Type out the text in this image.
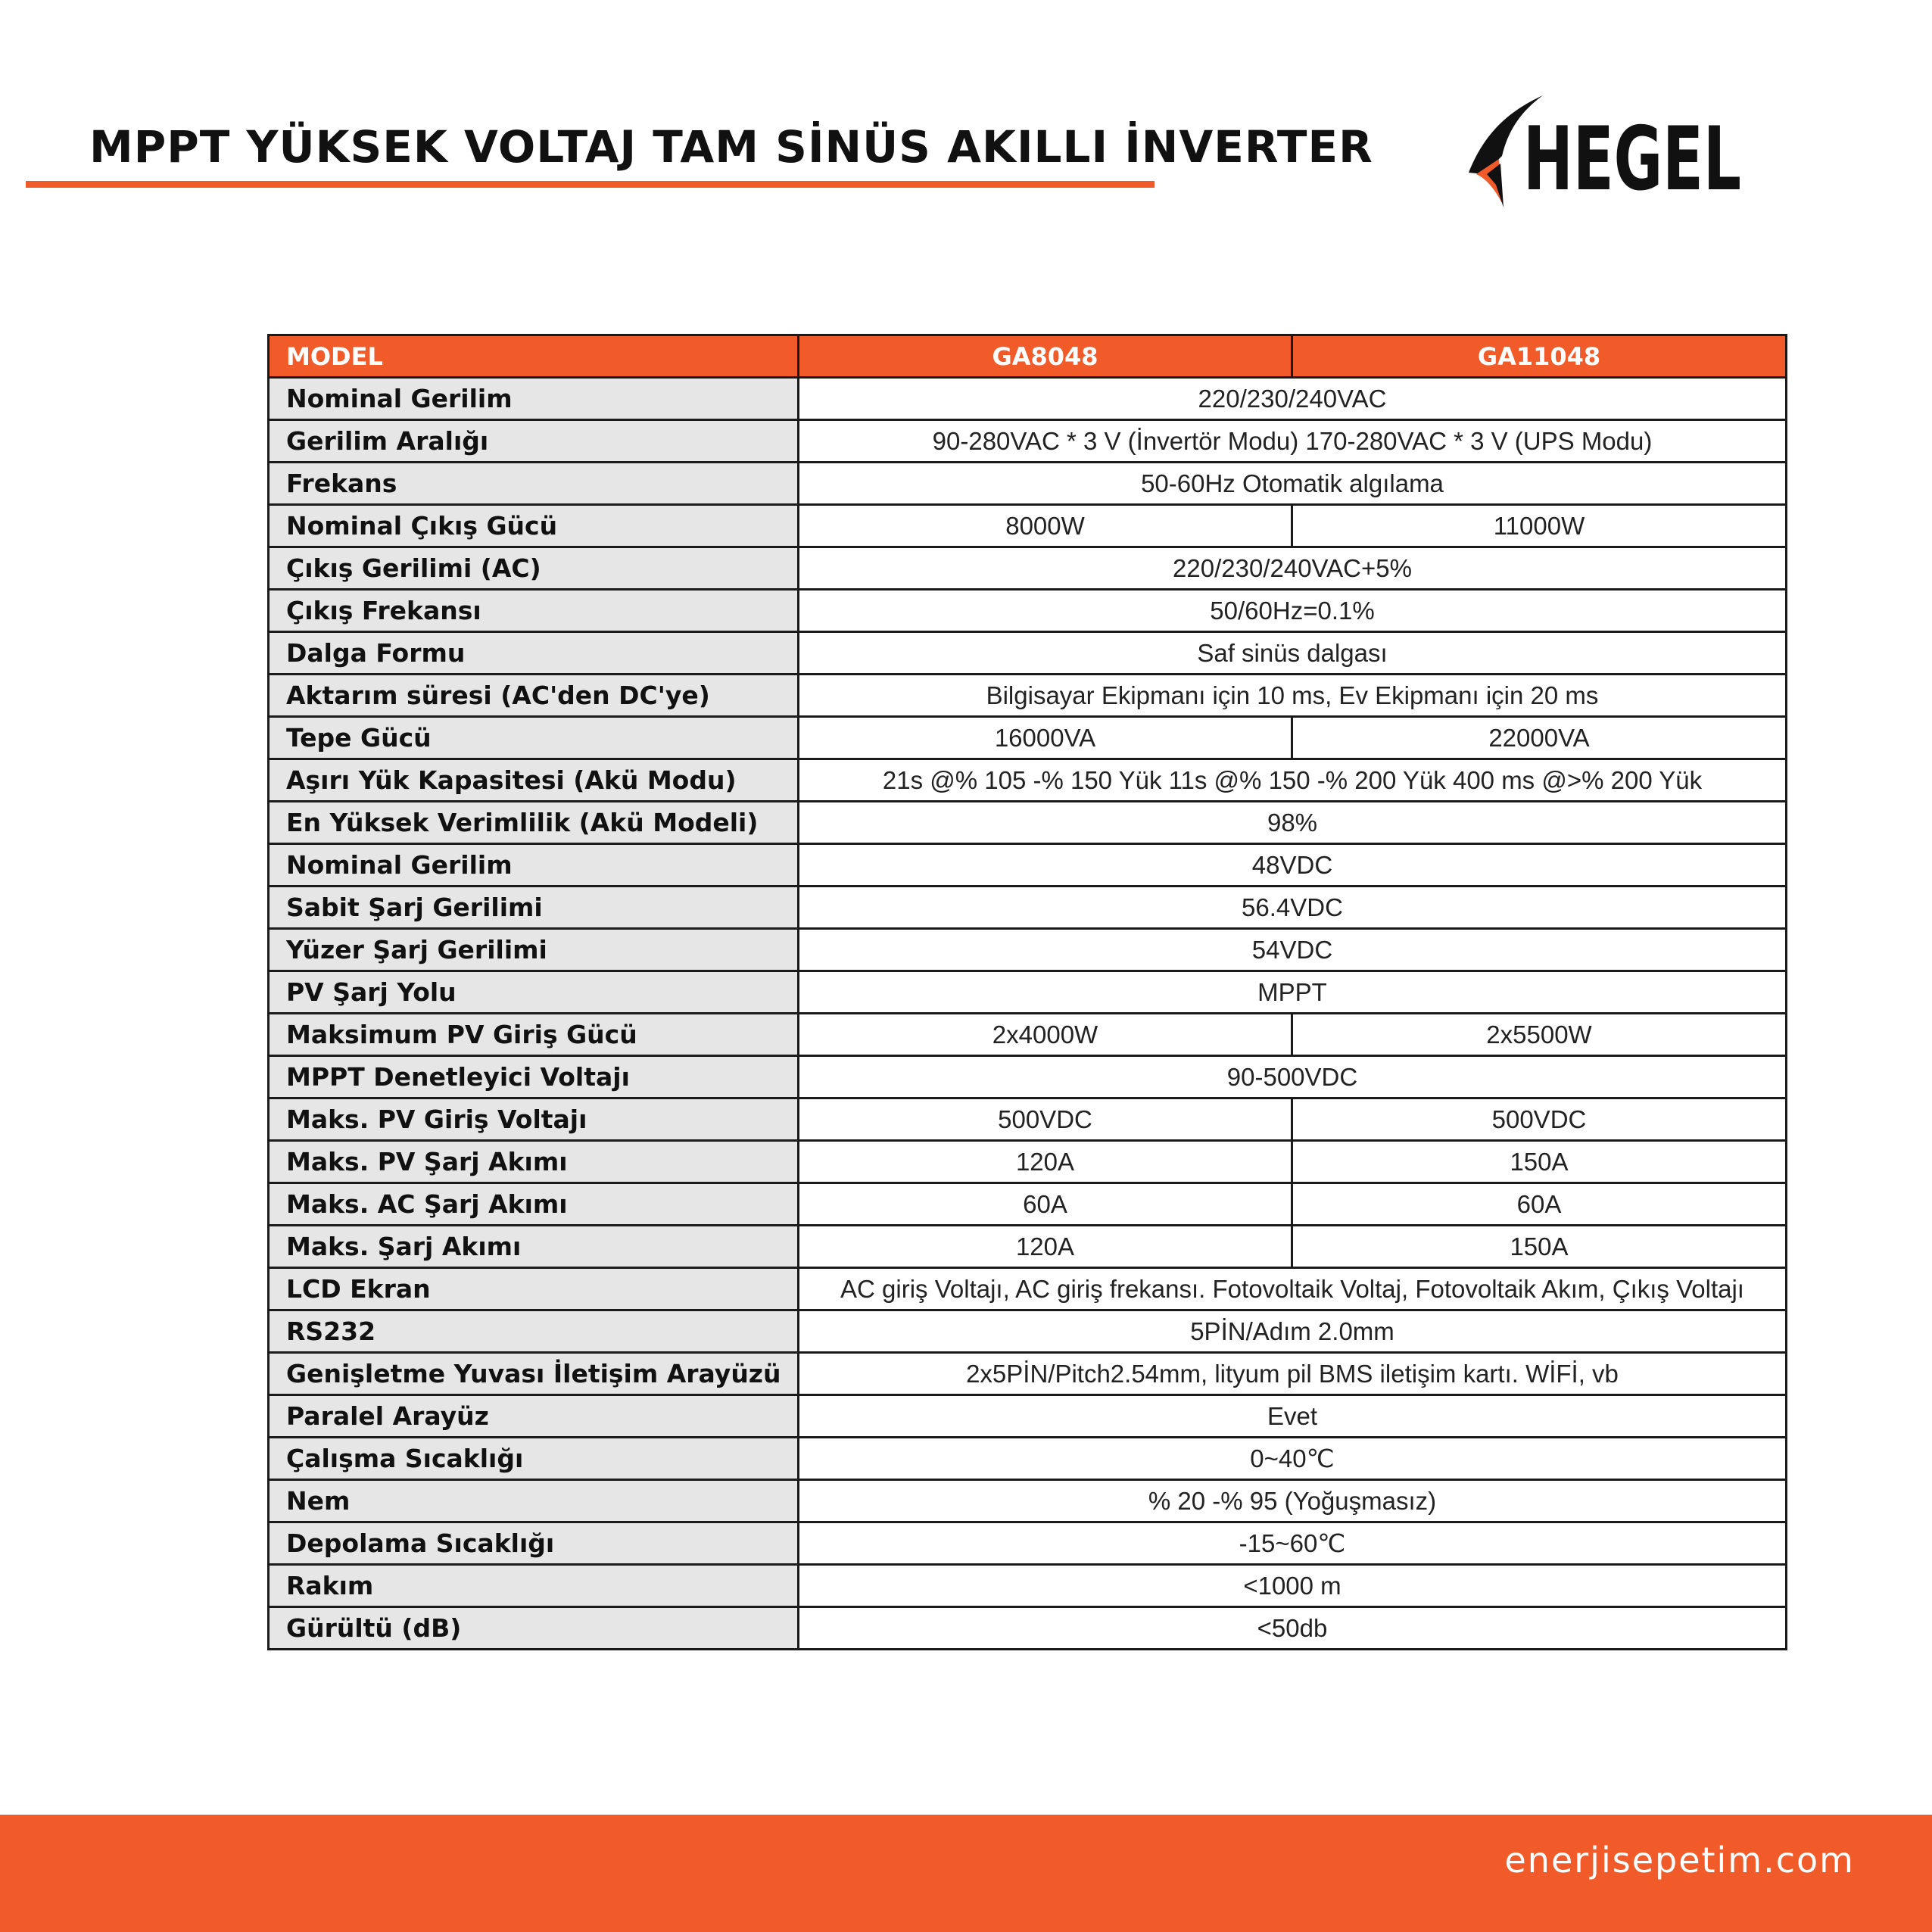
MPPT YÜKSEK VOLTAJ TAM SİNÜS AKILLI İNVERTER HEGEL
MODEL	GA8048	GA11048
Nominal Gerilim	220/230/240VAC	
Gerilim Aralığı	90-280VAC * 3 V (İnvertör Modu) 170-280VAC * 3 V (UPS Modu)	
Frekans	50-60Hz Otomatik algılama	
Nominal Çıkış Gücü	8000W	11000W
Çıkış Gerilimi (AC)	220/230/240VAC+5%	
Çıkış Frekansı	50/60Hz=0.1%	
Dalga Formu	Saf sinüs dalgası	
Aktarım süresi (AC'den DC'ye)	Bilgisayar Ekipmanı için 10 ms, Ev Ekipmanı için 20 ms	
Tepe Gücü	16000VA	22000VA
Aşırı Yük Kapasitesi (Akü Modu)	21s @% 105 -% 150 Yük 11s @% 150 -% 200 Yük 400 ms @>% 200 Yük	
En Yüksek Verimlilik (Akü Modeli)	98%	
Nominal Gerilim	48VDC	
Sabit Şarj Gerilimi	56.4VDC	
Yüzer Şarj Gerilimi	54VDC	
PV Şarj Yolu	MPPT	
Maksimum PV Giriş Gücü	2x4000W	2x5500W
MPPT Denetleyici Voltajı	90-500VDC	
Maks. PV Giriş Voltajı	500VDC	500VDC
Maks. PV Şarj Akımı	120A	150A
Maks. AC Şarj Akımı	60A	60A
Maks. Şarj Akımı	120A	150A
LCD Ekran	AC giriş Voltajı, AC giriş frekansı. Fotovoltaik Voltaj, Fotovoltaik Akım, Çıkış Voltajı	
RS232	5PİN/Adım 2.0mm	
Genişletme Yuvası İletişim Arayüzü	2x5PİN/Pitch2.54mm, lityum pil BMS iletişim kartı. WİFİ, vb	
Paralel Arayüz	Evet	
Çalışma Sıcaklığı	0~40℃	
Nem	% 20 -% 95 (Yoğuşmasız)	
Depolama Sıcaklığı	-15~60℃	
Rakım	<1000 m	
Gürültü (dB)	<50db	
enerjisepetim.com
